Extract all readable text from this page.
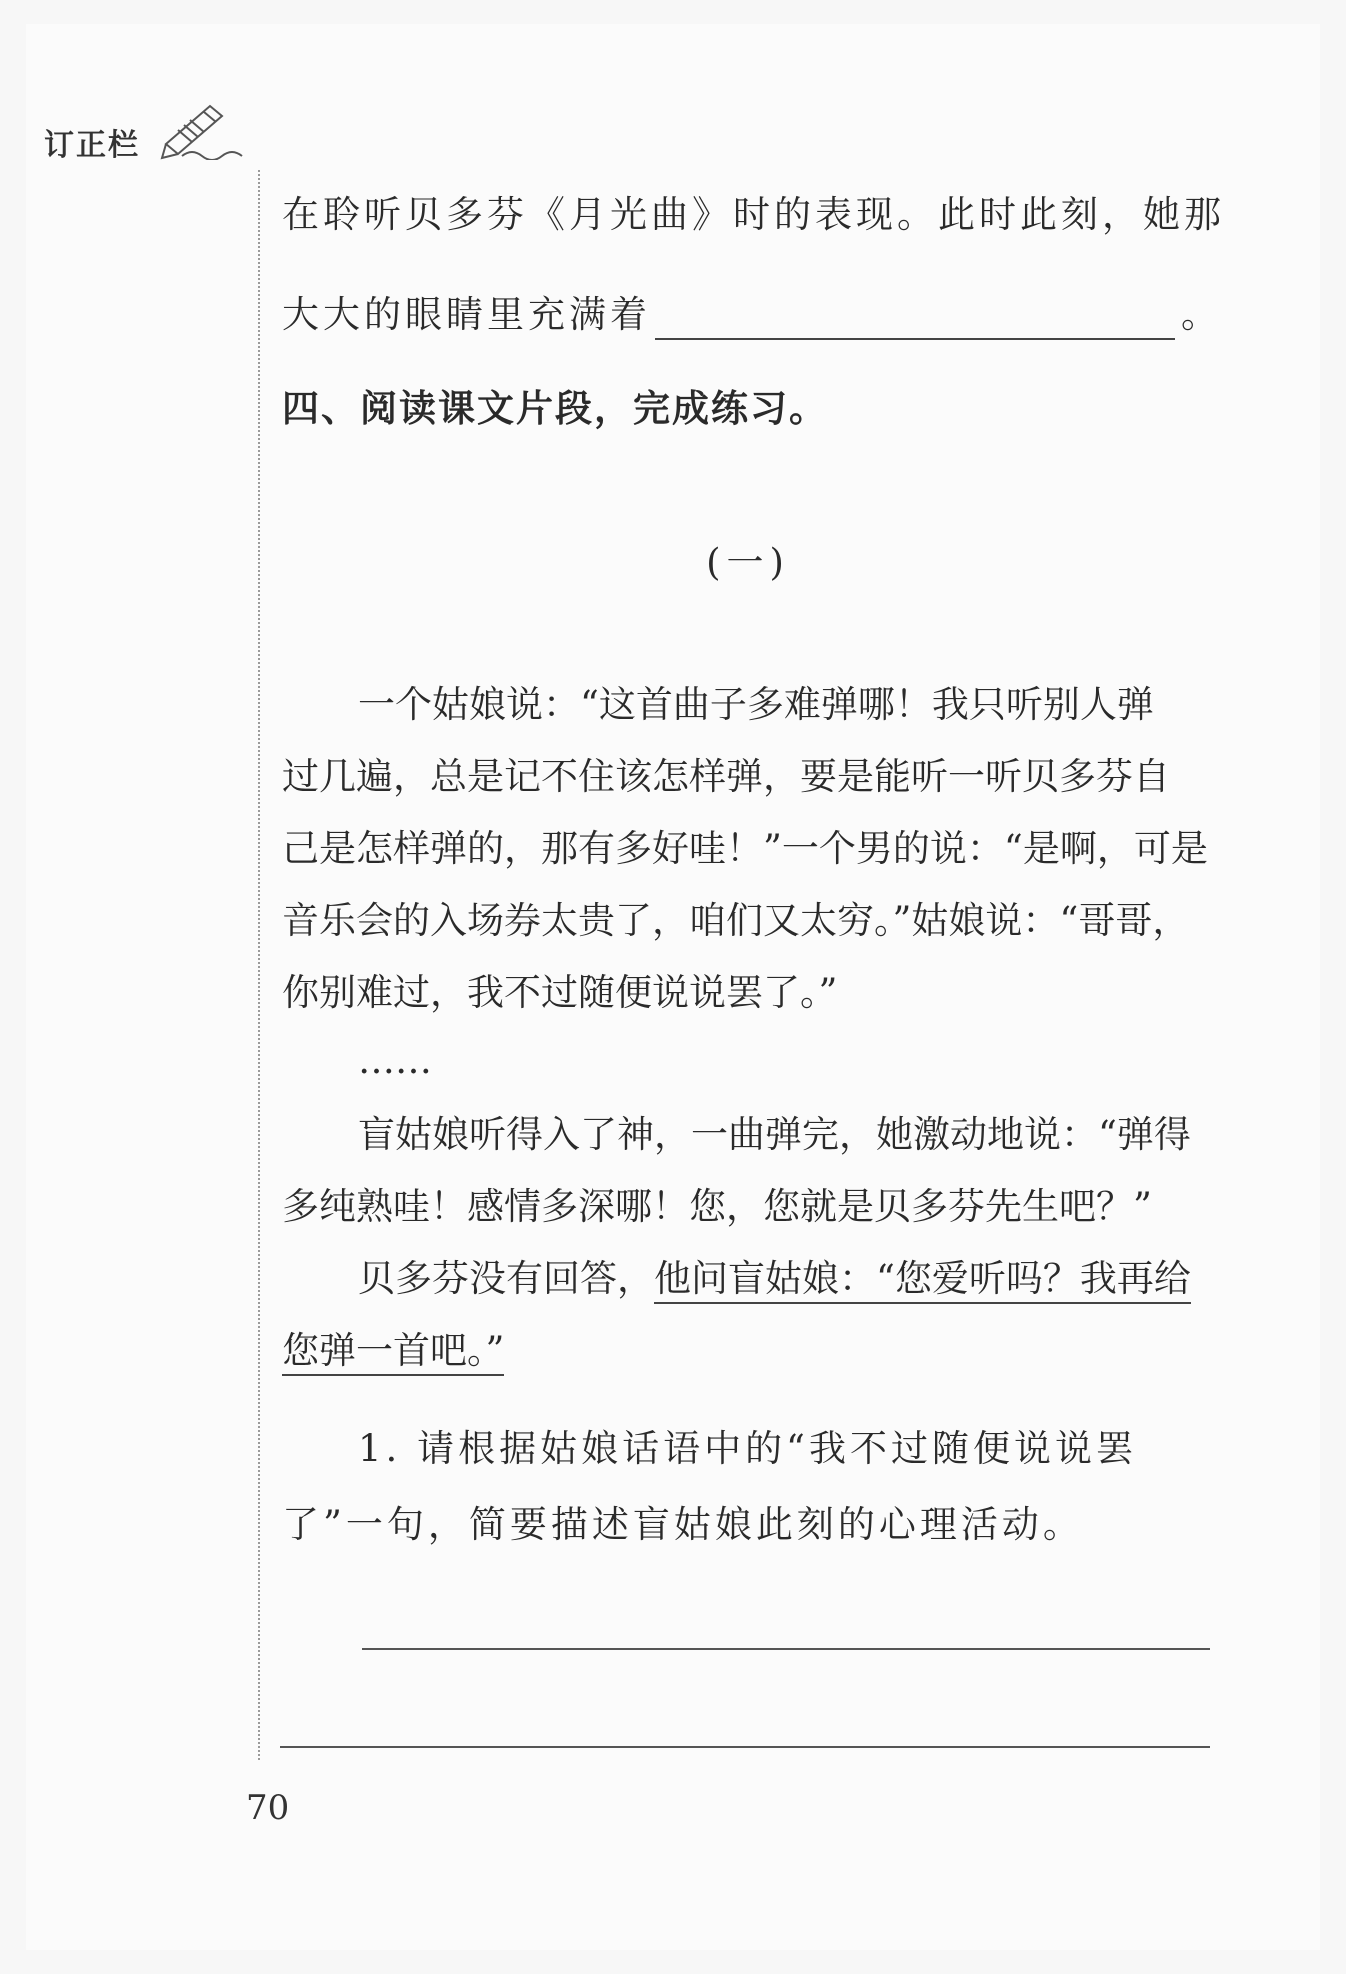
订正栏
在聆听贝多芬《月光曲》时的表现。此时此刻，她那
大大的眼睛里充满着	。
四、阅读课文片段，完成练习。
(一)
一个姑娘说：“这首曲子多难弹哪！我只听别人弹
过几遍，总是记不住该怎样弹，要是能听一听贝多芬自
己是怎样弹的，那有多好哇！”一个男的说：“是啊，可是
音乐会的入场券太贵了，咱们又太穷。”姑娘说：“哥哥，
你别难过，我不过随便说说罢了。”
……
盲姑娘听得入了神，一曲弹完，她激动地说：“弹得
多纯熟哇！感情多深哪！您，您就是贝多芬先生吧？”
贝多芬没有回答，他问盲姑娘：“您爱听吗？我再给
您弹一首吧。”
1. 请根据姑娘话语中的“我不过随便说说罢
了”一句，简要描述盲姑娘此刻的心理活动。
70
